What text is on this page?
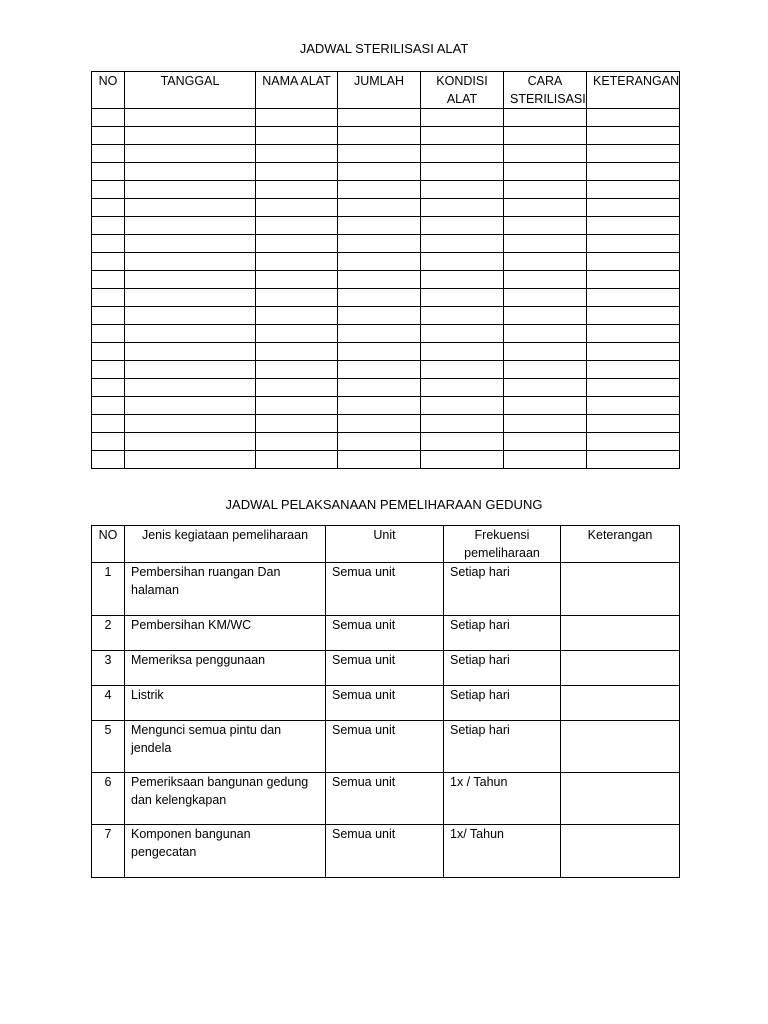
JADWAL STERILISASI ALAT
NO	TANGGAL	NAMA ALAT	JUMLAH	KONDISI ALAT	CARA STERILISASI	KETERANGAN

JADWAL PELAKSANAAN PEMELIHARAAN GEDUNG
NO	Jenis kegiataan pemeliharaan	Unit	Frekuensi pemeliharaan	Keterangan
1	Pembersihan ruangan Dan halaman	Semua unit	Setiap hari	
2	Pembersihan KM/WC	Semua unit	Setiap hari	
3	Memeriksa penggunaan	Semua unit	Setiap hari	
4	Listrik	Semua unit	Setiap hari	
5	Mengunci semua pintu dan jendela	Semua unit	Setiap hari	
6	Pemeriksaan bangunan gedung dan kelengkapan	Semua unit	1x / Tahun	
7	Komponen bangunan pengecatan	Semua unit	1x/ Tahun	
